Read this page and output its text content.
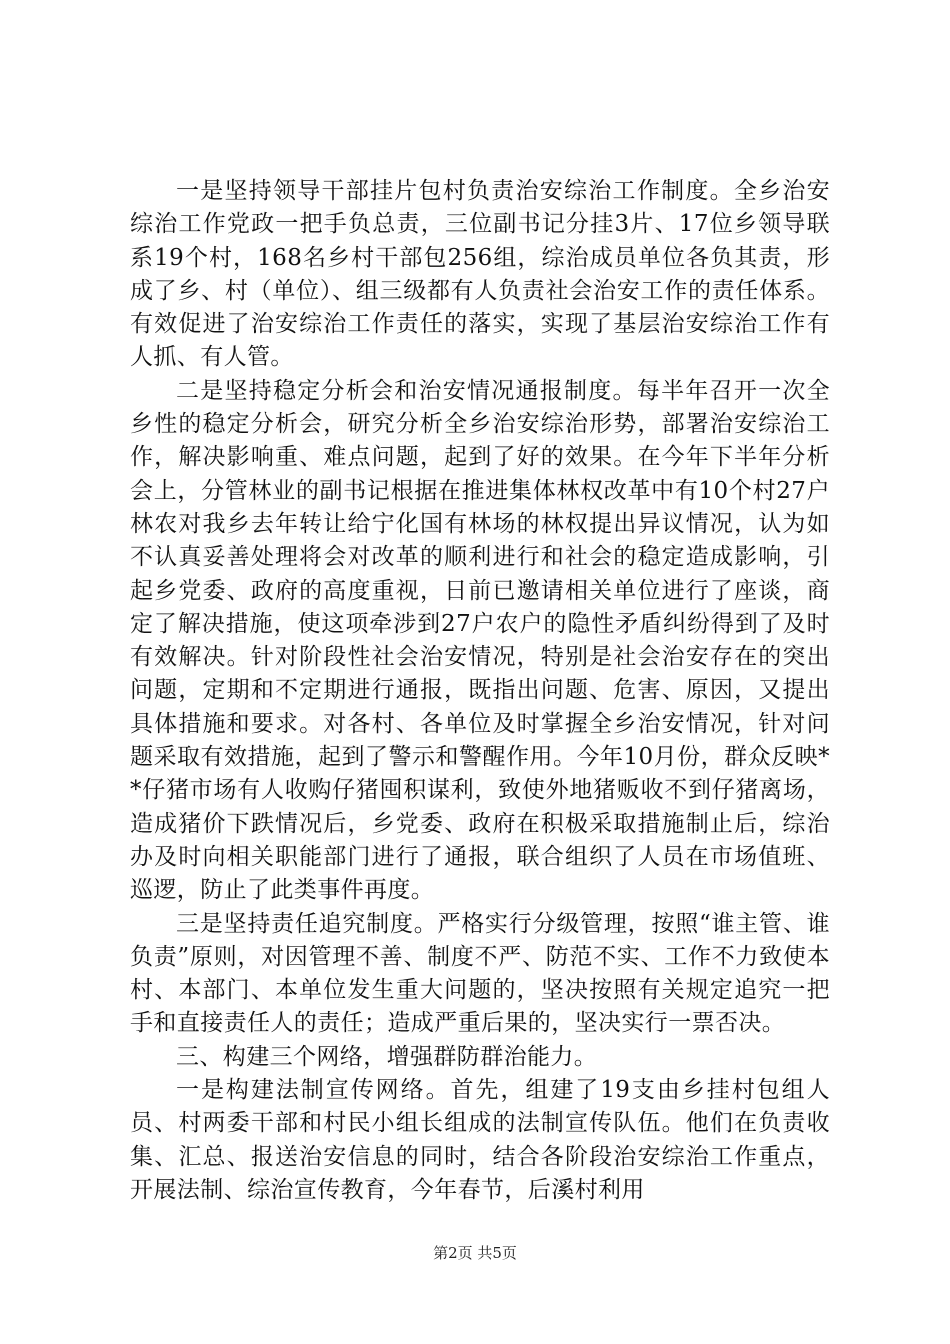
一是坚持领导干部挂片包村负责治安综治工作制度。全乡治安综治工作党政一把手负总责，三位副书记分挂3片、17位乡领导联系19个村，168名乡村干部包256组，综治成员单位各负其责，形成了乡、村（单位）、组三级都有人负责社会治安工作的责任体系。有效促进了治安综治工作责任的落实，实现了基层治安综治工作有人抓、有人管。

二是坚持稳定分析会和治安情况通报制度。每半年召开一次全乡性的稳定分析会，研究分析全乡治安综治形势，部署治安综治工作，解决影响重、难点问题，起到了好的效果。在今年下半年分析会上，分管林业的副书记根据在推进集体林权改革中有10个村27户林农对我乡去年转让给宁化国有林场的林权提出异议情况，认为如不认真妥善处理将会对改革的顺利进行和社会的稳定造成影响，引起乡党委、政府的高度重视，日前已邀请相关单位进行了座谈，商定了解决措施，使这项牵涉到27户农户的隐性矛盾纠纷得到了及时有效解决。针对阶段性社会治安情况，特别是社会治安存在的突出问题，定期和不定期进行通报，既指出问题、危害、原因，又提出具体措施和要求。对各村、各单位及时掌握全乡治安情况，针对问题采取有效措施，起到了警示和警醒作用。今年10月份，群众反映**仔猪市场有人收购仔猪囤积谋利，致使外地猪贩收不到仔猪离场，造成猪价下跌情况后，乡党委、政府在积极采取措施制止后，综治办及时向相关职能部门进行了通报，联合组织了人员在市场值班、巡逻，防止了此类事件再度。

三是坚持责任追究制度。严格实行分级管理，按照“谁主管、谁负责”原则，对因管理不善、制度不严、防范不实、工作不力致使本村、本部门、本单位发生重大问题的，坚决按照有关规定追究一把手和直接责任人的责任；造成严重后果的，坚决实行一票否决。

三、构建三个网络，增强群防群治能力。

一是构建法制宣传网络。首先，组建了19支由乡挂村包组人员、村两委干部和村民小组长组成的法制宣传队伍。他们在负责收集、汇总、报送治安信息的同时，结合各阶段治安综治工作重点，开展法制、综治宣传教育，今年春节，后溪村利用

第2页 共5页
